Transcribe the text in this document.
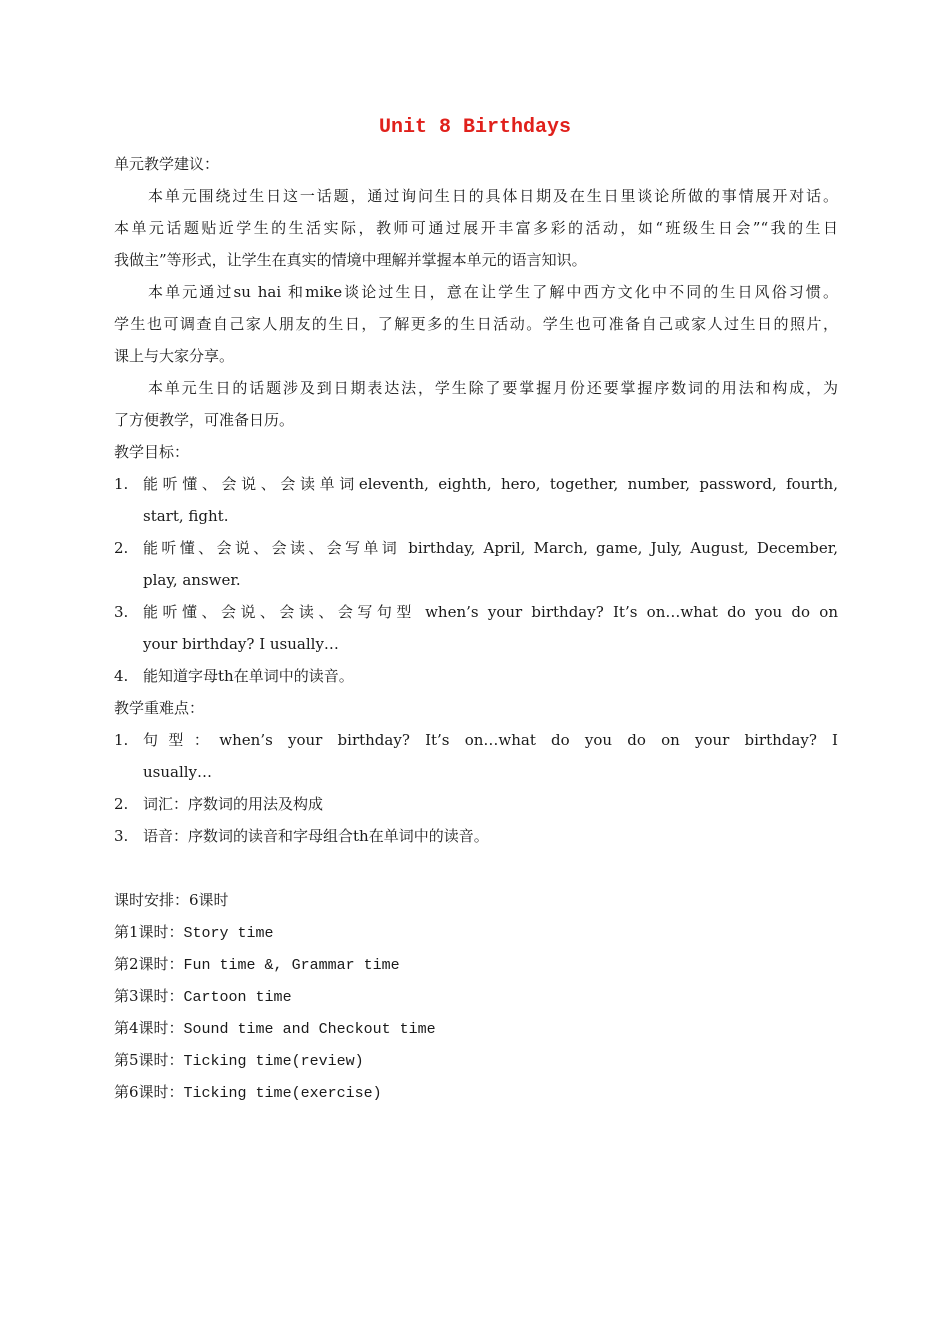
Unit 8 Birthdays
单元教学建议：
本单元围绕过生日这一话题，通过询问生日的具体日期及在生日里谈论所做的事情展开对话。
本单元话题贴近学生的生活实际，教师可通过展开丰富多彩的活动，如“班级生日会”“我的生日
我做主”等形式，让学生在真实的情境中理解并掌握本单元的语言知识。
本单元通过su hai 和mike谈论过生日，意在让学生了解中西方文化中不同的生日风俗习惯。
学生也可调查自己家人朋友的生日，了解更多的生日活动。学生也可准备自己或家人过生日的照片，
课上与大家分享。
本单元生日的话题涉及到日期表达法，学生除了要掌握月份还要掌握序数词的用法和构成，为
了方便教学，可准备日历。
教学目标：
1. 能听懂、会说、会读单词eleventh, eighth, hero, together, number, password, fourth,
start, fight.
2. 能听懂、会说、会读、会写单词 birthday, April, March, game, July, August, December,
play, answer.
3. 能听懂、会说、会读、会写句型 when’s your birthday? It’s on…what do you do on
your birthday? I usually…
4. 能知道字母th在单词中的读音。
教学重难点：
1. 句型：when’s your birthday? It’s on…what do you do on your birthday? I
usually…
2. 词汇：序数词的用法及构成
3. 语音：序数词的读音和字母组合th在单词中的读音。
课时安排：6课时
第1课时：Story time
第2课时：Fun time &, Grammar time
第3课时：Cartoon time
第4课时：Sound time and Checkout time
第5课时：Ticking time(review)
第6课时：Ticking time(exercise)
